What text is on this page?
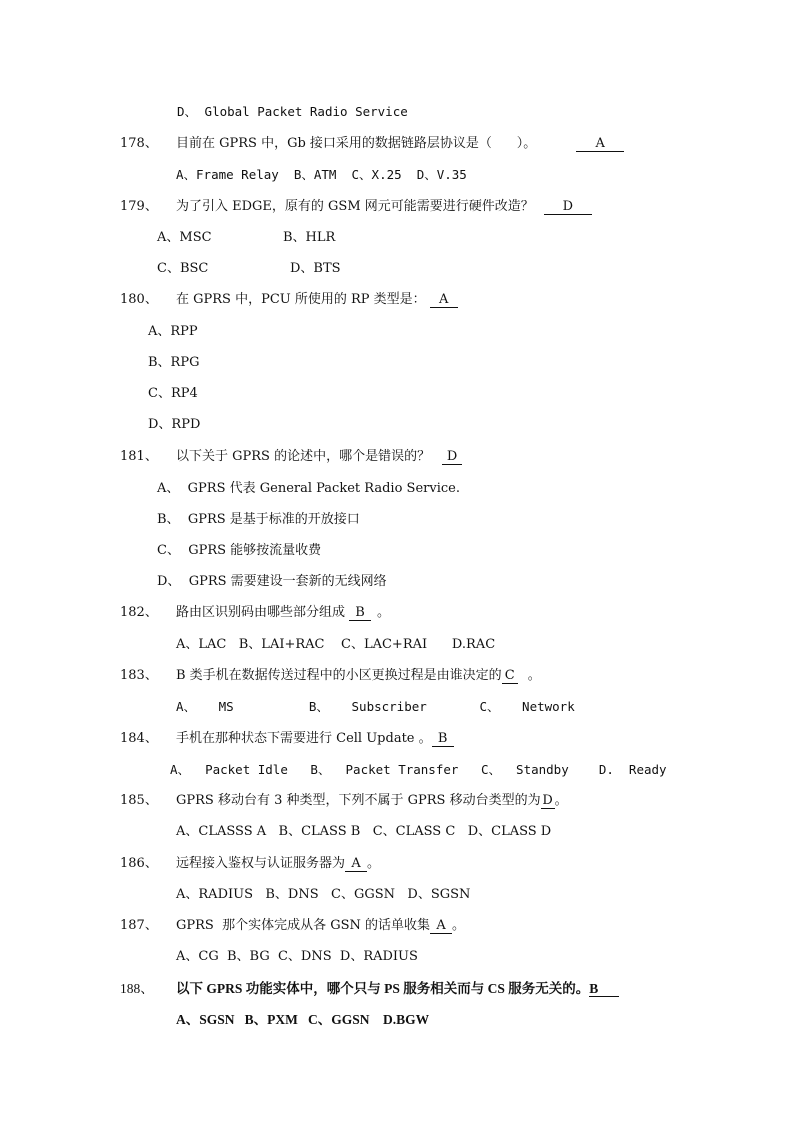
D、 Global Packet Radio Service
178、 目前在 GPRS 中，Gb 接口采用的数据链路层协议是（      ）。	A
A、Frame Relay  B、ATM  C、X.25  D、V.35
179、 为了引入 EDGE，原有的 GSM 网元可能需要进行硬件改造？ D
A、MSC	B、HLR
C、BSC	D、BTS
180、 在 GPRS 中，PCU 所使用的 RP 类型是： A
A、RPP
B、RPG
C、RP4
D、RPD
181、 以下关于 GPRS 的论述中，哪个是错误的？ D
A、  GPRS 代表 General Packet Radio Service.
B、  GPRS 是基于标准的开放接口
C、  GPRS 能够按流量收费
D、  GPRS 需要建设一套新的无线网络
182、 路由区识别码由哪些部分组成 B 。
A、LAC   B、LAI+RAC    C、LAC+RAI      D.RAC
183、 B 类手机在数据传送过程中的小区更换过程是由谁决定的 C 。
A、   MS          B、   Subscriber       C、   Network
184、 手机在那种状态下需要进行 Cell Update 。 B
A、  Packet Idle   B、  Packet Transfer   C、  Standby    D.  Ready
185、 GPRS 移动台有 3 种类型，下列不属于 GPRS 移动台类型的为 D 。
A、CLASSS A   B、CLASS B   C、CLASS C   D、CLASS D
186、 远程接入鉴权与认证服务器为 A 。
A、RADIUS   B、DNS   C、GGSN   D、SGSN
187、 GPRS  那个实体完成从各 GSN 的话单收集 A 。
A、CG  B、BG  C、DNS  D、RADIUS
188、 以下 GPRS 功能实体中，哪个只与 PS 服务相关而与 CS 服务无关的。B
A、SGSN   B、PXM   C、GGSN    D.BGW
